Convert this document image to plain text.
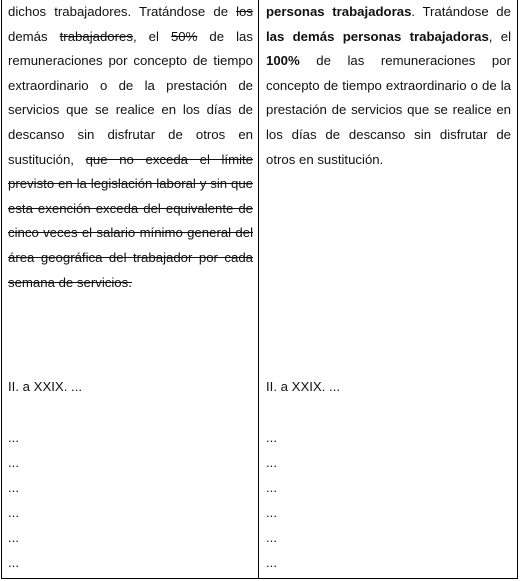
dichos trabajadores. Tratándose de los demás trabajadores, el 50% de las remuneraciones por concepto de tiempo extraordinario o de la prestación de servicios que se realice en los días de descanso sin disfrutar de otros en sustitución, que no exceda el límite previsto en la legislación laboral y sin que esta exención exceda del equivalente de cinco veces el salario mínimo general del área geográfica del trabajador por cada semana de servicios.

II. a XXIX. ...
...
...
...
...
...
...

personas trabajadoras. Tratándose de las demás personas trabajadoras, el 100% de las remuneraciones por concepto de tiempo extraordinario o de la prestación de servicios que se realice en los días de descanso sin disfrutar de otros en sustitución.

II. a XXIX. ...
...
...
...
...
...
...
